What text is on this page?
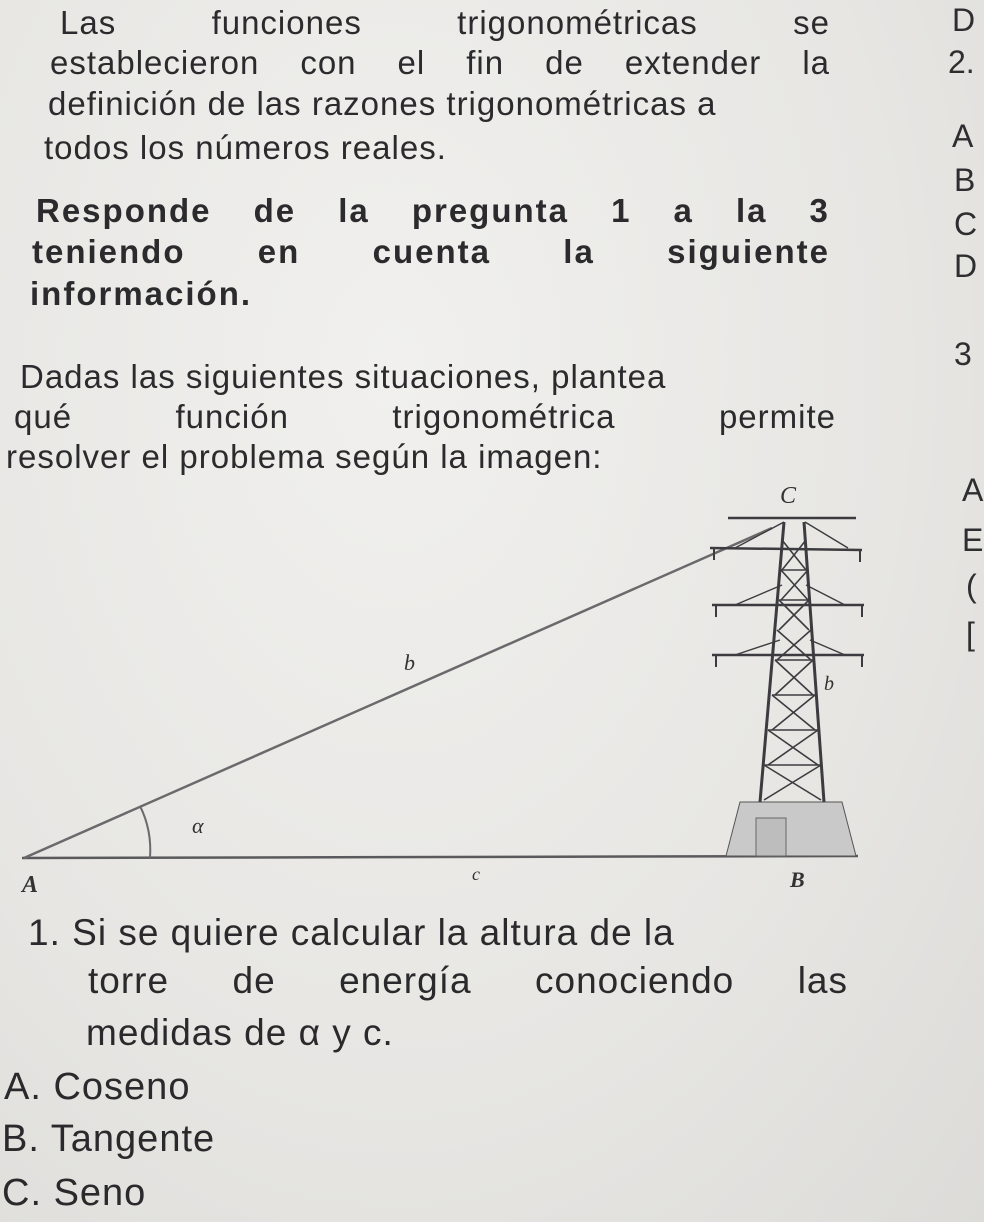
Las	funciones	trigonométricas	se
establecieron con el fin de extender la
definición de las razones trigonométricas a
todos los números reales.
Responde de la pregunta 1 a la 3
teniendo en cuenta la siguiente
información.
Dadas las siguientes situaciones, plantea
qué	función	trigonométrica	permite
resolver el problema según la imagen:
C
A	B
b
c
b
α
1. Si se quiere calcular la altura de la
torre de energía conociendo las
medidas de α y c.
A. Coseno
B. Tangente
C. Seno
D
2.
A
B
C
D
3
A
E
(
[
